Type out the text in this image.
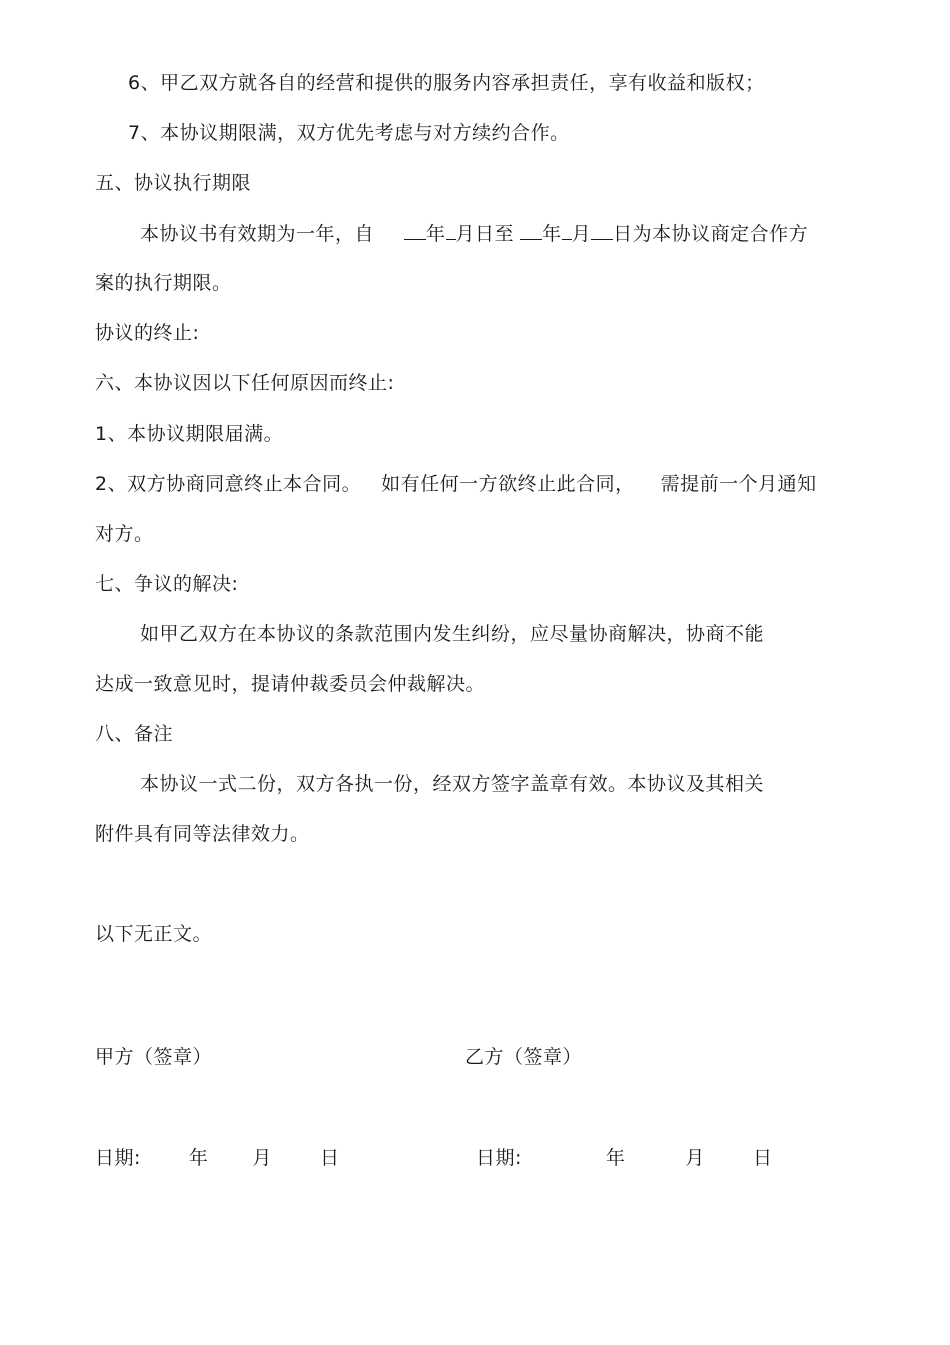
6、甲乙双方就各自的经营和提供的服务内容承担责任，享有收益和版权；
7、本协议期限满，双方优先考虑与对方续约合作。
五、协议执行期限
本协议书有效期为一年，自	年 月日至 年 月 日为本协议商定合作方
案的执行期限。
协议的终止:
六、本协议因以下任何原因而终止:
1、本协议期限届满。
2、双方协商同意终止本合同。 如有任何一方欲终止此合同， 需提前一个月通知
对方。
七、争议的解决:
如甲乙双方在本协议的条款范围内发生纠纷，应尽量协商解决，协商不能
达成一致意见时，提请仲裁委员会仲裁解决。
八、备注
本协议一式二份，双方各执一份，经双方签字盖章有效。本协议及其相关
附件具有同等法律效力。
以下无正文。
甲方（签章）	乙方（签章）
日期:	年 月	日	日期:	年	月	日
